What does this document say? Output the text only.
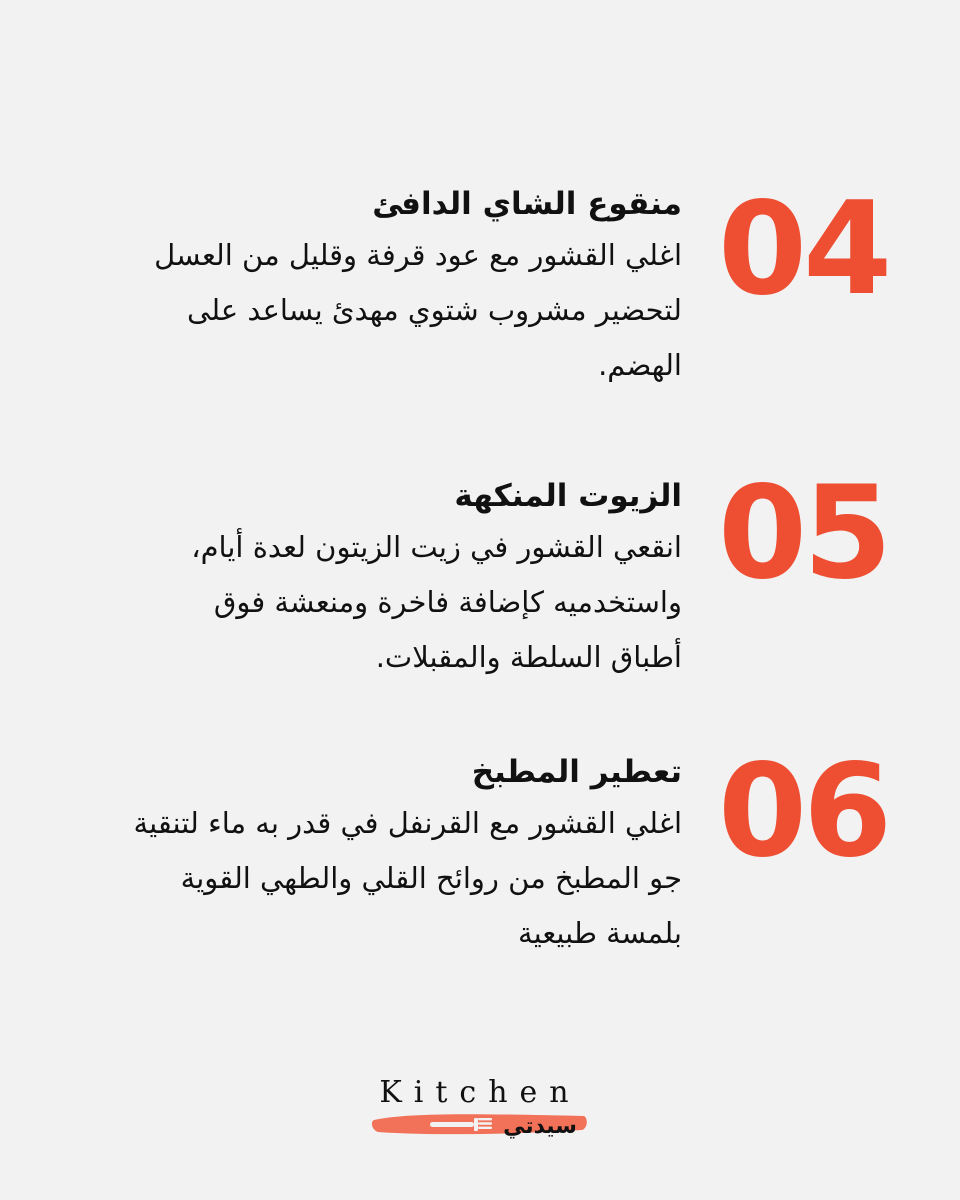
04

منقوع الشاي الدافئ

اغلي القشور مع عود قرفة وقليل من العسل

لتحضير مشروب شتوي مهدئ يساعد على

الهضم.

05

الزيوت المنكهة

انقعي القشور في زيت الزيتون لعدة أيام،

واستخدميه كإضافة فاخرة ومنعشة فوق

أطباق السلطة والمقبلات.

06

تعطير المطبخ

اغلي القشور مع القرنفل في قدر به ماء لتنقية

جو المطبخ من روائح القلي والطهي القوية

بلمسة طبيعية

Kitchen
سيدتي
